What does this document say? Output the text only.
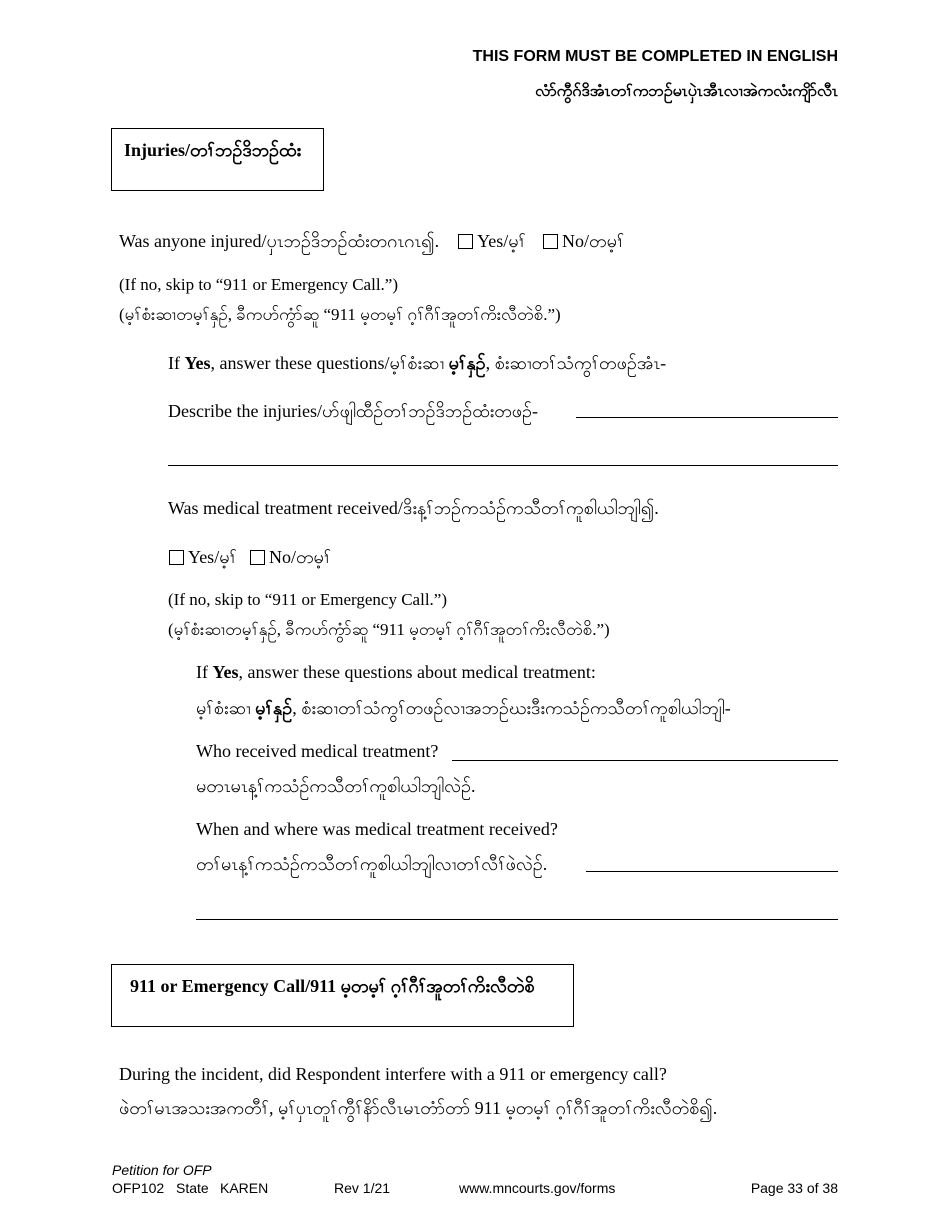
THIS FORM MUST BE COMPLETED IN ENGLISH
လံာ်ကွီဂ်ဒိအံၤတၢ်ကဘဉ်မၤပှဲၤအီၤလၢအဲကလံးကျိာ်လီၤ
Injuries/တၢ်ဘဉ်ဒိဘဉ်ထံး
Was anyone injured/ပှၤဘဉ်ဒိဘဉ်ထံးတဂၤဂၤ၍. Yes/မ့ၢ် No/တမ့ၢ်
(If no, skip to “911 or Emergency Call.”)
(မ့ၢ်စံးဆၢတမ့ၢ်နှဉ်, ခီကဟ်ကွံာ်ဆူ “911 မ့တမ့ၢ် ဂ့ၢ်ဂီၢ်အူတၢ်ကိးလီတဲစိ.”)
If Yes, answer these questions/မ့ၢ်စံးဆၢ မ့ၢ်နှဉ်, စံးဆၢတၢ်သံကွၢ်တဖဉ်အံၤ-
Describe the injuries/ဟ်ဖျါထီဉ်တၢ်ဘဉ်ဒိဘဉ်ထံးတဖဉ်-
Was medical treatment received/ဒိးန့ၢ်ဘဉ်ကသံဉ်ကသီတၢ်ကူစါယါဘျါ၍.
Yes/မ့ၢ် No/တမ့ၢ်
(If no, skip to “911 or Emergency Call.”)
(မ့ၢ်စံးဆၢတမ့ၢ်နှဉ်, ခီကဟ်ကွံာ်ဆူ “911 မ့တမ့ၢ် ဂ့ၢ်ဂီၢ်အူတၢ်ကိးလီတဲစိ.”)
If Yes, answer these questions about medical treatment:
မ့ၢ်စံးဆၢ မ့ၢ်နှဉ်, စံးဆၢတၢ်သံကွၢ်တဖဉ်လၢအဘဉ်ဃးဒီးကသံဉ်ကသီတၢ်ကူစါယါဘျါ-
Who received medical treatment?
မတၤမၤန့ၢ်ကသံဉ်ကသီတၢ်ကူစါယါဘျါလဲဉ်.
When and where was medical treatment received?
တၢ်မၤန့ၢ်ကသံဉ်ကသီတၢ်ကူစါယါဘျါလၢတၢ်လီၢ်ဖဲလဲဉ်.
911 or Emergency Call/911 မ့တမ့ၢ် ဂ့ၢ်ဂီၢ်အူတၢ်ကိးလီတဲစိ
During the incident, did Respondent interfere with a 911 or emergency call?
ဖဲတၢ်မၤအသးအကတီၢ်, မ့ၢ်ပှၤတူၢ်ကွီၢ်နိာ်လီၤမၤတံာ်တာ် 911 မ့တမ့ၢ် ဂ့ၢ်ဂီၢ်အူတၢ်ကိးလီတဲစိ၍.
Petition for OFP
OFP102 State KAREN	Rev 1/21	www.mncourts.gov/forms	Page 33 of 38
